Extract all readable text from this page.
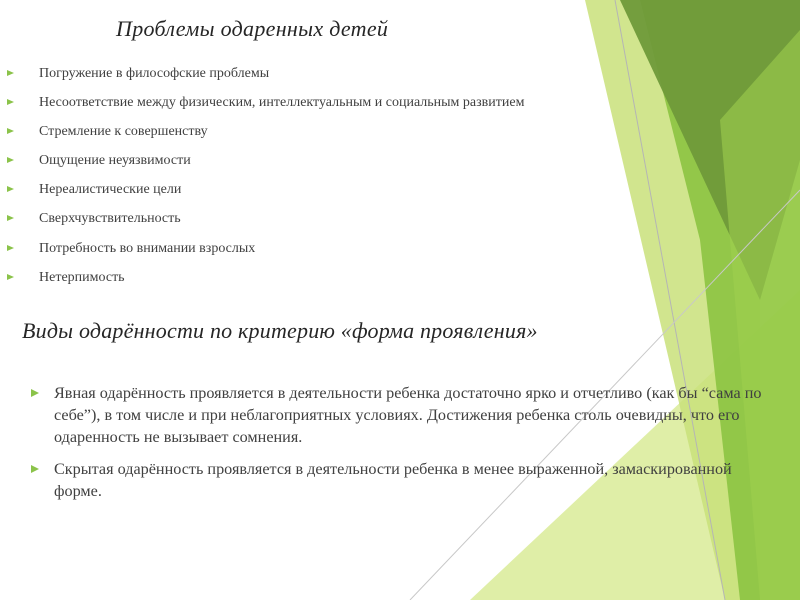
Проблемы одаренных детей
Погружение в философские проблемы
Несоответствие между физическим, интеллектуальным и социальным развитием
Стремление к совершенству
Ощущение неуязвимости
Нереалистические цели
Сверхчувствительность
Потребность во внимании взрослых
Нетерпимость
Виды одарённости по критерию «форма проявления»
Явная одарённость проявляется в деятельности ребенка достаточно ярко и отчетливо (как бы “сама по себе”), в том числе и при неблагоприятных условиях. Достижения ребенка столь очевидны, что его одаренность не вызывает сомнения.
Скрытая одарённость проявляется в деятельности ребенка в менее выраженной, замаскированной форме.
